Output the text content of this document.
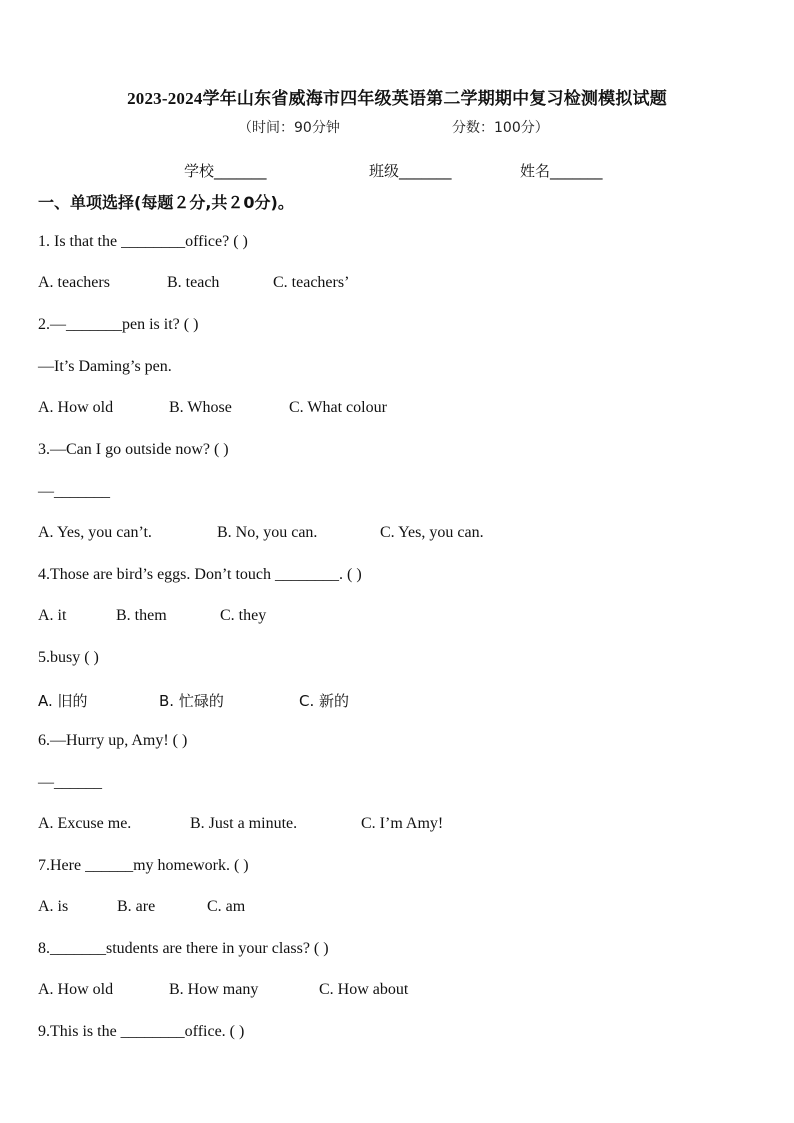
2023-2024学年山东省威海市四年级英语第二学期期中复习检测模拟试题
（时间：90分钟	分数：100分）
学校_______	班级_______	姓名_______
一、单项选择(每题２分,共２0分)。
1. Is that the ________office? ( )
A. teachers	B. teach	C. teachers’
2.—_______pen is it? ( )
—It’s Daming’s pen.
A. How old	B. Whose	C. What colour
3.—Can I go outside now? ( )
—_______
A. Yes, you can’t.	B. No, you can.	C. Yes, you can.
4.Those are bird’s eggs. Don’t touch ________. ( )
A. it	B. them	C. they
5.busy ( )
A. 旧的	B. 忙碌的	C. 新的
6.—Hurry up, Amy! ( )
—______
A. Excuse me.	B. Just a minute.	C. I’m Amy!
7.Here ______my homework. ( )
A. is	B. are	C. am
8._______students are there in your class? ( )
A. How old	B. How many	C. How about
9.This is the ________office. ( )
